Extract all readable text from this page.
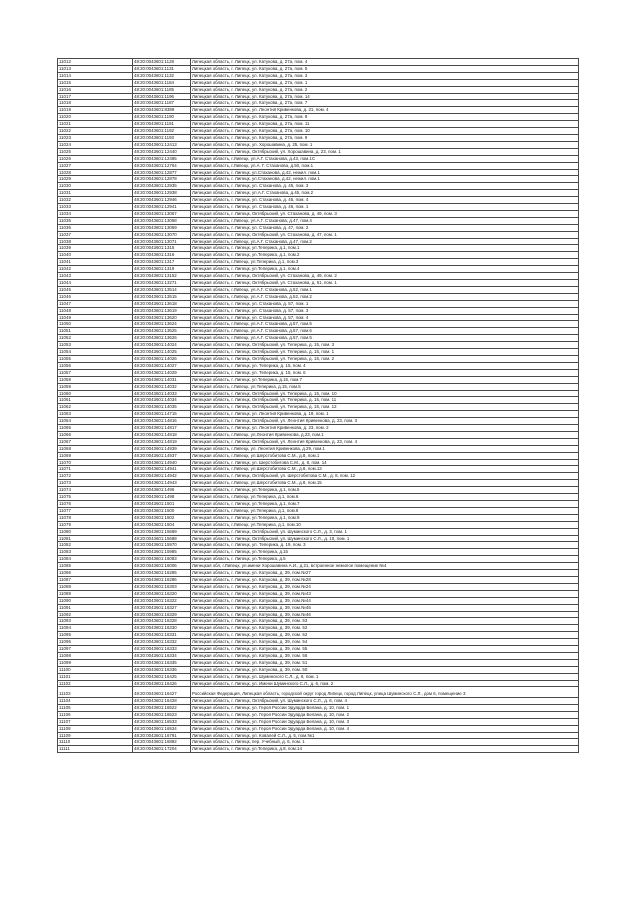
11012	48:20:0043601:1128	Липецкая область, г. Липецк, ул. Катукова, д. 27а, пом. 4
11013	48:20:0043601:1131	Липецкая область, г. Липецк, ул. Катукова, д. 27а, пом. 5
11014	48:20:0043601:1132	Липецкая область, г. Липецк, ул. Катукова, д. 27а, пом. 3
11015	48:20:0043601:1184	Липецкая область, г. Липецк, ул. Катукова, д. 27а, пом. 1
11016	48:20:0043601:1185	Липецкая область, г. Липецк, ул. Катукова, д. 27а, пом. 2
11017	48:20:0043601:1196	Липецкая область, г. Липецк, ул. Катукова, д. 27а, пом. 14
11018	48:20:0043601:1187	Липецкая область, г. Липецк, ул. Катукова, д. 27а, пом. 7
11019	48:20:0043601:8389	Липецкая область, г. Липецк, ул. Леонтия Кривенкова, д. 21, пом. 4
11020	48:20:0043601:1190	Липецкая область, г. Липецк, ул. Катукова, д. 27а, пом. 8
11021	48:20:0043601:1191	Липецкая область, г. Липецк, ул. Катукова, д. 27а, пом. 11
11022	48:20:0043601:1192	Липецкая область, г. Липецк, ул. Катукова, д. 27а, пом. 10
11023	48:20:0043601:1193	Липецкая область, г. Липецк, ул. Катукова, д. 27а, пом. 9
11024	48:20:0043601:12413	Липецкая область, г. Липецк, ул. Хорошавина, д. 25, пом. 1
11025	48:20:0043601:12440	Липецкая область, г. Липецк, Октябрьский, ул. Хорошавина, д. 23, пом. 1
11026	48:20:0043601:12485	Липецкая область, г.Липецк, ул.А.Г. Стаханова, д.43, пом.1С
11027	48:20:0043601:12764	Липецкая область, г.Липецк, ул.А. Г. Стаханова, д.50, пом.1
11028	48:20:0043601:12877	Липецкая область, г. Липецк, ул.Стаханова, д.42, нежил. пом.1
11029	48:20:0043601:12878	Липецкая область, г. Липецк, ул.Стаханова, д.42, нежил. пом.1
11030	48:20:0043601:12935	Липецкая область, г. Липецк, ул. Стаханова, д. 45, пом. 3
11031	48:20:0043601:12938	Липецкая область, г. Липецк, ул.А.Г. Стаханова, д.45, пом.2
11032	48:20:0043601:12946	Липецкая область, г. Липецк, ул. Стаханова, д. 45, пом. 4
11033	48:20:0043601:12941	Липецкая область, г. Липецк, ул. Стаханова, д. 46, пом. 1
11034	48:20:0043601:13067	Липецкая область, г. Липецк, Октябрьский, ул. Стаханова, д. 49, пом. 3
11035	48:20:0043601:13068	Липецкая область, г.Липецк, ул.А.Г. Стаханова, д.47, пом.4
11036	48:20:0043601:13069	Липецкая область, г. Липецк, ул. Стаханова, д. 47, пом. 2
11037	48:20:0043601:13070	Липецкая область, г. Липецк, Октябрьский, ул. Стаханова, д. 47, пом. 1
11038	48:20:0043601:13071	Липецкая область, г.Липецк, ул.А.Г. Стаханова, д.47, пом.2
11039	48:20:0043601:1315	Липецкая область, г. Липецк, ул.Теперика, д.1, пом.1
11040	48:20:0043601:1316	Липецкая область, г. Липецк, ул.Теперика, д.1, пом.2
11041	48:20:0043601:1317	Липецкая область, г.Липецк, ул.Теперика, д.1, пом.3
11042	48:20:0043601:1319	Липецкая область, г. Липецк, ул.Теперика, д.1, пом.4
11043	48:20:0043601:13152	Липецкая область, г. Липецк, Октябрьский, ул. Стаханова, д. 49, пом. 2
11044	48:20:0043601:13271	Липецкая область, г. Липецк, Октябрьский, ул. Стаханова, д. 51, пом. 1
11045	48:20:0043601:13514	Липецкая область, г.Липецк, ул.А.Г. Стаханова, д.52, пом.1
11046	48:20:0043601:13515	Липецкая область, г.Липецк, ул.А.Г. Стаханова, д.52, пом.2
11047	48:20:0043601:13618	Липецкая область, г. Липецк, ул. Стаханова, д. 57, пом. 1
11048	48:20:0043601:13619	Липецкая область, г. Липецк, ул. Стаханова, д. 57, пом. 3
11049	48:20:0043601:13620	Липецкая область, г. Липецк, ул. Стаханова, д. 57, пом. 4
11050	48:20:0043601:13624	Липецкая область, г.Липецк, ул.А.Г. Стаханова, д.57, пом.5
11051	48:20:0043601:13625	Липецкая область, г.Липецк, ул.А.Г. Стаханова, д.57, пом.6
11052	48:20:0043601:13626	Липецкая область, г.Липецк, ул.А.Г. Стаханова, д.57, пом.5
11053	48:20:0043601:14024	Липецкая область, г. Липецк, Октябрьский, ул. Теперика, д. 15, пом. 3
11054	48:20:0043601:14025	Липецкая область, г. Липецк, Октябрьский, ул. Теперика, д. 15, пом. 1
11055	48:20:0043601:14026	Липецкая область, г. Липецк, Октябрьский, ул. Теперика, д. 15, пом. 2
11056	48:20:0043601:14027	Липецкая область, г. Липецк, ул. Теперика, д. 15, пом. 4
11057	48:20:0043601:14029	Липецкая область, г. Липецк, ул. Теперика, д. 15, пом. 6
11058	48:20:0043601:14031	Липецкая область, г. Липецк, ул.Теперика, д.15, пом.7
11059	48:20:0043601:14032	Липецкая область, г.Липецк, ул.Теперика, д.15, пом.5
11060	48:20:0043601:14033	Липецкая область, г. Липецк, Октябрьский, ул. Теперика, д. 15, пом. 10
11061	48:20:0043601:14034	Липецкая область, г. Липецк, Октябрьский, ул. Теперика, д. 15, пом. 11
11062	48:20:0043601:14035	Липецкая область, г. Липецк, Октябрьский, ул. Теперика, д. 15, пом. 12
11063	48:20:0043601:14715	Липецкая область, г. Липецк, ул. Леонтия Кривенкова, д. 19, пом. 1
11064	48:20:0043601:14816	Липецкая область, г. Липецк, Октябрьский, ул. Леонтия Кривенкова, д. 23, пом. 3
11065	48:20:0043601:14817	Липецкая область, г. Липецк, ул. Леонтия Кривенкова, д. 23, пом. 2
11066	48:20:0043601:14818	Липецкая область, г.Липецк, ул.Леонтия Кривенкова, д.23, пом.1
11067	48:20:0043601:14819	Липецкая область, г. Липецк, Октябрьский, ул. Леонтия Кривенкова, д. 23, пом. 4
11068	48:20:0043601:14939	Липецкая область, г.Липецк, ул. Леонтия Кривенкова, д.29, пом.1
11069	48:20:0043601:14937	Липецкая область, г.Липецк, ул.Шерстобитова С.М., д.8, пом.1
11070	48:20:0043601:14940	Липецкая область, г. Липецк, ул. Шерстобитова С.М., д. 8, пом. 14
11071	48:20:0043601:14941	Липецкая область, г.Липецк, ул.Шерстобитова С.М., д.8, пом.13
11072	48:20:0043601:14942	Липецкая область, г. Липецк, Октябрьский, ул. Шерстобитова С.М., д. 8, пом. 12
11073	48:20:0043601:14943	Липецкая область, г.Липецк, ул.Шерстобитова С.М., д.8, пом.15
11074	48:20:0043601:1496	Липецкая область, г. Липецк, ул.Теперика, д.1, пом.5
11075	48:20:0043601:1498	Липецкая область, г.Липецк, ул.Теперика, д.1, пом.6
11076	48:20:0043601:1501	Липецкая область, г. Липецк, ул.Теперика, д.1, пом.7
11077	48:20:0043601:1500	Липецкая область, г.Липецк, ул.Теперика, д.1, пом.8
11078	48:20:0043601:1502	Липецкая область, г. Липецк, ул.Теперика, д.1, пом.9
11079	48:20:0043601:1504	Липецкая область, г.Липецк, ул.Теперика, д.1, пом.10
11080	48:20:0043601:15689	Липецкая область, г. Липецк, Октябрьский, ул. Шуминского С.Л., д. 3, пом. 1
11081	48:20:0043601:15688	Липецкая область, г. Липецк, Октябрьский, ул. Шуминского С.Л., д. 10, пом. 1
11082	48:20:0043601:15970	Липецкая область, г. Липецк, ул. Теперика, д. 19, пом. 3
11083	48:20:0043601:15985	Липецкая область, г. Липецк, ул.Теперика, д.15
11084	48:20:0043601:16083	Липецкая область, г. Липецк, ул.Теперика, д.5
11085	48:20:0043601:16006	Липецкая обл, г.Липецк, ул.имени Хорошавина А.И., д.21, встроенное нежилое помещение №4
11086	48:20:0043601:16285	Липецкая область, г. Липецк, ул. Катукова, д. 39, пом.№27
11087	48:20:0043601:16286	Липецкая область, г. Липецк, ул. Катукова, д. 39, пом.№28
11088	48:20:0043601:16303	Липецкая область, г. Липецк, ул. Катукова, д. 39, пом.№24
11089	48:20:0043601:16320	Липецкая область, г. Липецк, ул. Катукова, д. 39, пом.№43
11090	48:20:0043601:16322	Липецкая область, г. Липецк, ул. Катукова, д. 39, пом.№44
11091	48:20:0043601:16327	Липецкая область, г. Липецк, ул. Катукова, д. 39, пом.№45
11092	48:20:0043601:16329	Липецкая область, г. Липецк, ул. Катукова, д. 39, пом.№46
11093	48:20:0043601:16328	Липецкая область, г. Липецк, ул. Катукова, д. 39, пом. 53
11094	48:20:0043601:16330	Липецкая область, г. Липецк, ул. Катукова, д. 39, пом. 52
11095	48:20:0043601:16331	Липецкая область, г. Липецк, ул. Катукова, д. 39, пом. 52
11096	48:20:0043601:16332	Липецкая область, г. Липецк, ул. Катукова, д. 39, пом. 54
11097	48:20:0043601:16333	Липецкая область, г. Липецк, ул. Катукова, д. 39, пом. 55
11098	48:20:0043601:16334	Липецкая область, г. Липецк, ул. Катукова, д. 39, пом. 56
11099	48:20:0043601:16335	Липецкая область, г. Липецк, ул. Катукова, д. 39, пом. 51
11100	48:20:0043601:16336	Липецкая область, г. Липецк, ул. Катукова, д. 39, пом. 50
11101	48:20:0043601:16425	Липецкая область, г. Липецк, ул. Шуминского С.Л., д. 6, пом. 1
11102	48:20:0043601:16426	Липецкая область, г. Липецк, ул. Имени Шуминского С.Л., д. 6, пом. 2
11103	48:20:0043601:16427	Российская Федерация, Липецкая область, городской округ город Липецк, город Липецк, улица Шуминского С.Л., дом 6, помещение 3
11104	48:20:0043601:16428	Липецкая область, г. Липецк, Октябрьский, ул. Шуминского С.Л., д. 6, пом. 4
11105	48:20:0043601:16522	Липецкая область, г. Липецк, ул. Героя России Эдуарда Белана, д. 10, пом. 1
11106	48:20:0043601:16523	Липецкая область, г. Липецк, ул. Героя России Эдуарда Белана, д. 10, пом. 2
11107	48:20:0043601:16533	Липецкая область, г. Липецк, ул. Героя России Эдуарда Белана, д. 10, пом. 3
11108	48:20:0043601:16534	Липецкая область, г. Липецк, ул. Героя России Эдуарда Белана, д. 10, пом. 4
11109	48:20:0043601:16791	Липецкая область, г. Липецк, ул. Ковалей С.Л., д. 5, пом.№1
11110	48:20:0043601:16882	Липецкая область, г. Липецк, пер. Учебный, д. 6, пом. 1
11111	48:20:0043601:17204	Липецкая область, г. Липецк, ул.Теперика, д.8, пом.14
